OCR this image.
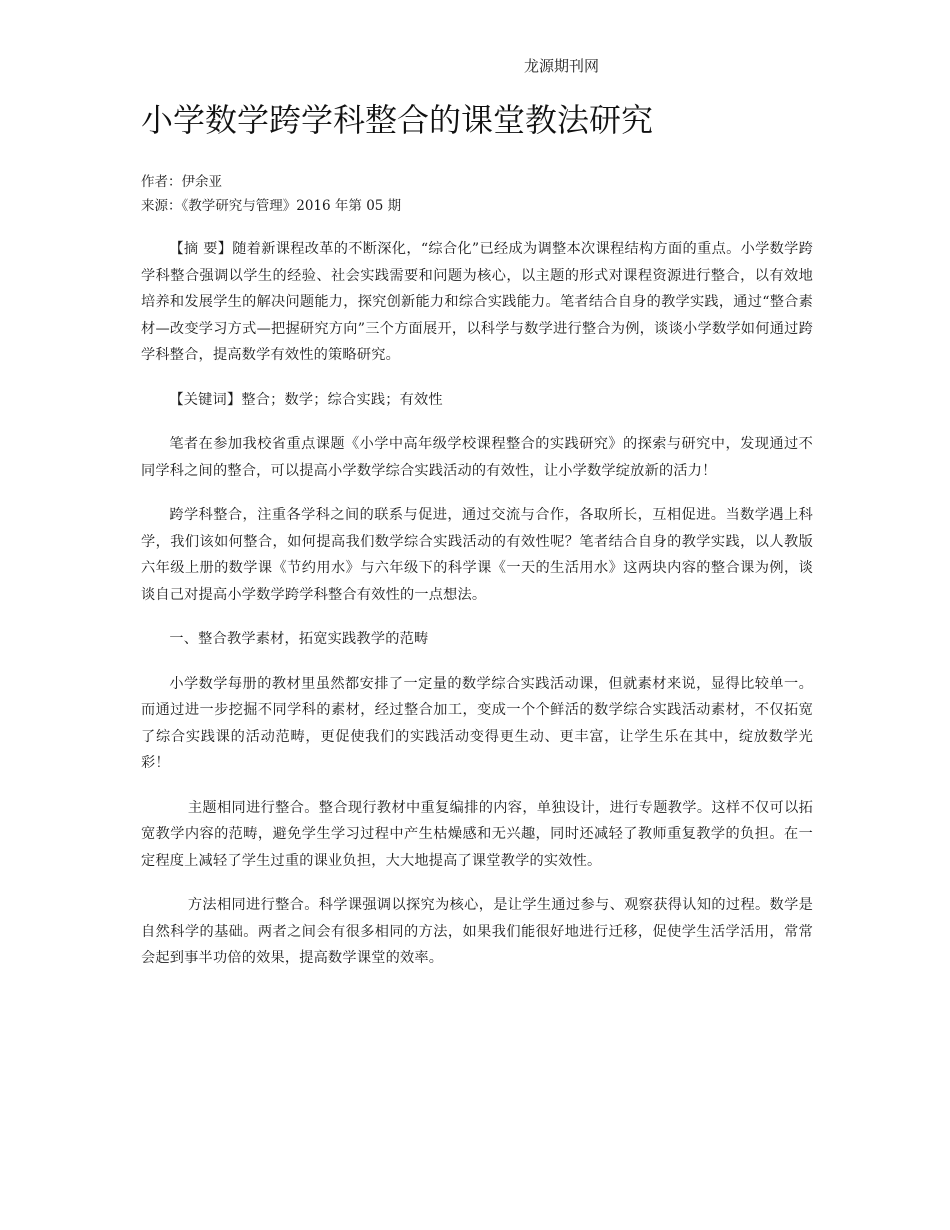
龙源期刊网
小学数学跨学科整合的课堂教法研究
作者：伊余亚
来源：《教学研究与管理》2016 年第 05 期

【摘 要】随着新课程改革的不断深化，“综合化”已经成为调整本次课程结构方面的重点。小学数学跨学科整合强调以学生的经验、社会实践需要和问题为核心，以主题的形式对课程资源进行整合，以有效地培养和发展学生的解决问题能力，探究创新能力和综合实践能力。笔者结合自身的教学实践，通过“整合素材—改变学习方式—把握研究方向”三个方面展开，以科学与数学进行整合为例，谈谈小学数学如何通过跨学科整合，提高数学有效性的策略研究。

【关键词】整合；数学；综合实践；有效性

笔者在参加我校省重点课题《小学中高年级学校课程整合的实践研究》的探索与研究中，发现通过不同学科之间的整合，可以提高小学数学综合实践活动的有效性，让小学数学绽放新的活力！

跨学科整合，注重各学科之间的联系与促进，通过交流与合作，各取所长，互相促进。当数学遇上科学，我们该如何整合，如何提高我们数学综合实践活动的有效性呢？笔者结合自身的教学实践，以人教版六年级上册的数学课《节约用水》与六年级下的科学课《一天的生活用水》这两块内容的整合课为例，谈谈自己对提高小学数学跨学科整合有效性的一点想法。

一、整合教学素材，拓宽实践教学的范畴

小学数学每册的教材里虽然都安排了一定量的数学综合实践活动课，但就素材来说，显得比较单一。而通过进一步挖掘不同学科的素材，经过整合加工，变成一个个鲜活的数学综合实践活动素材，不仅拓宽了综合实践课的活动范畴，更促使我们的实践活动变得更生动、更丰富，让学生乐在其中，绽放数学光彩！

主题相同进行整合。整合现行教材中重复编排的内容，单独设计，进行专题教学。这样不仅可以拓宽教学内容的范畴，避免学生学习过程中产生枯燥感和无兴趣，同时还减轻了教师重复教学的负担。在一定程度上减轻了学生过重的课业负担，大大地提高了课堂教学的实效性。

方法相同进行整合。科学课强调以探究为核心，是让学生通过参与、观察获得认知的过程。数学是自然科学的基础。两者之间会有很多相同的方法，如果我们能很好地进行迁移，促使学生活学活用，常常会起到事半功倍的效果，提高数学课堂的效率。
